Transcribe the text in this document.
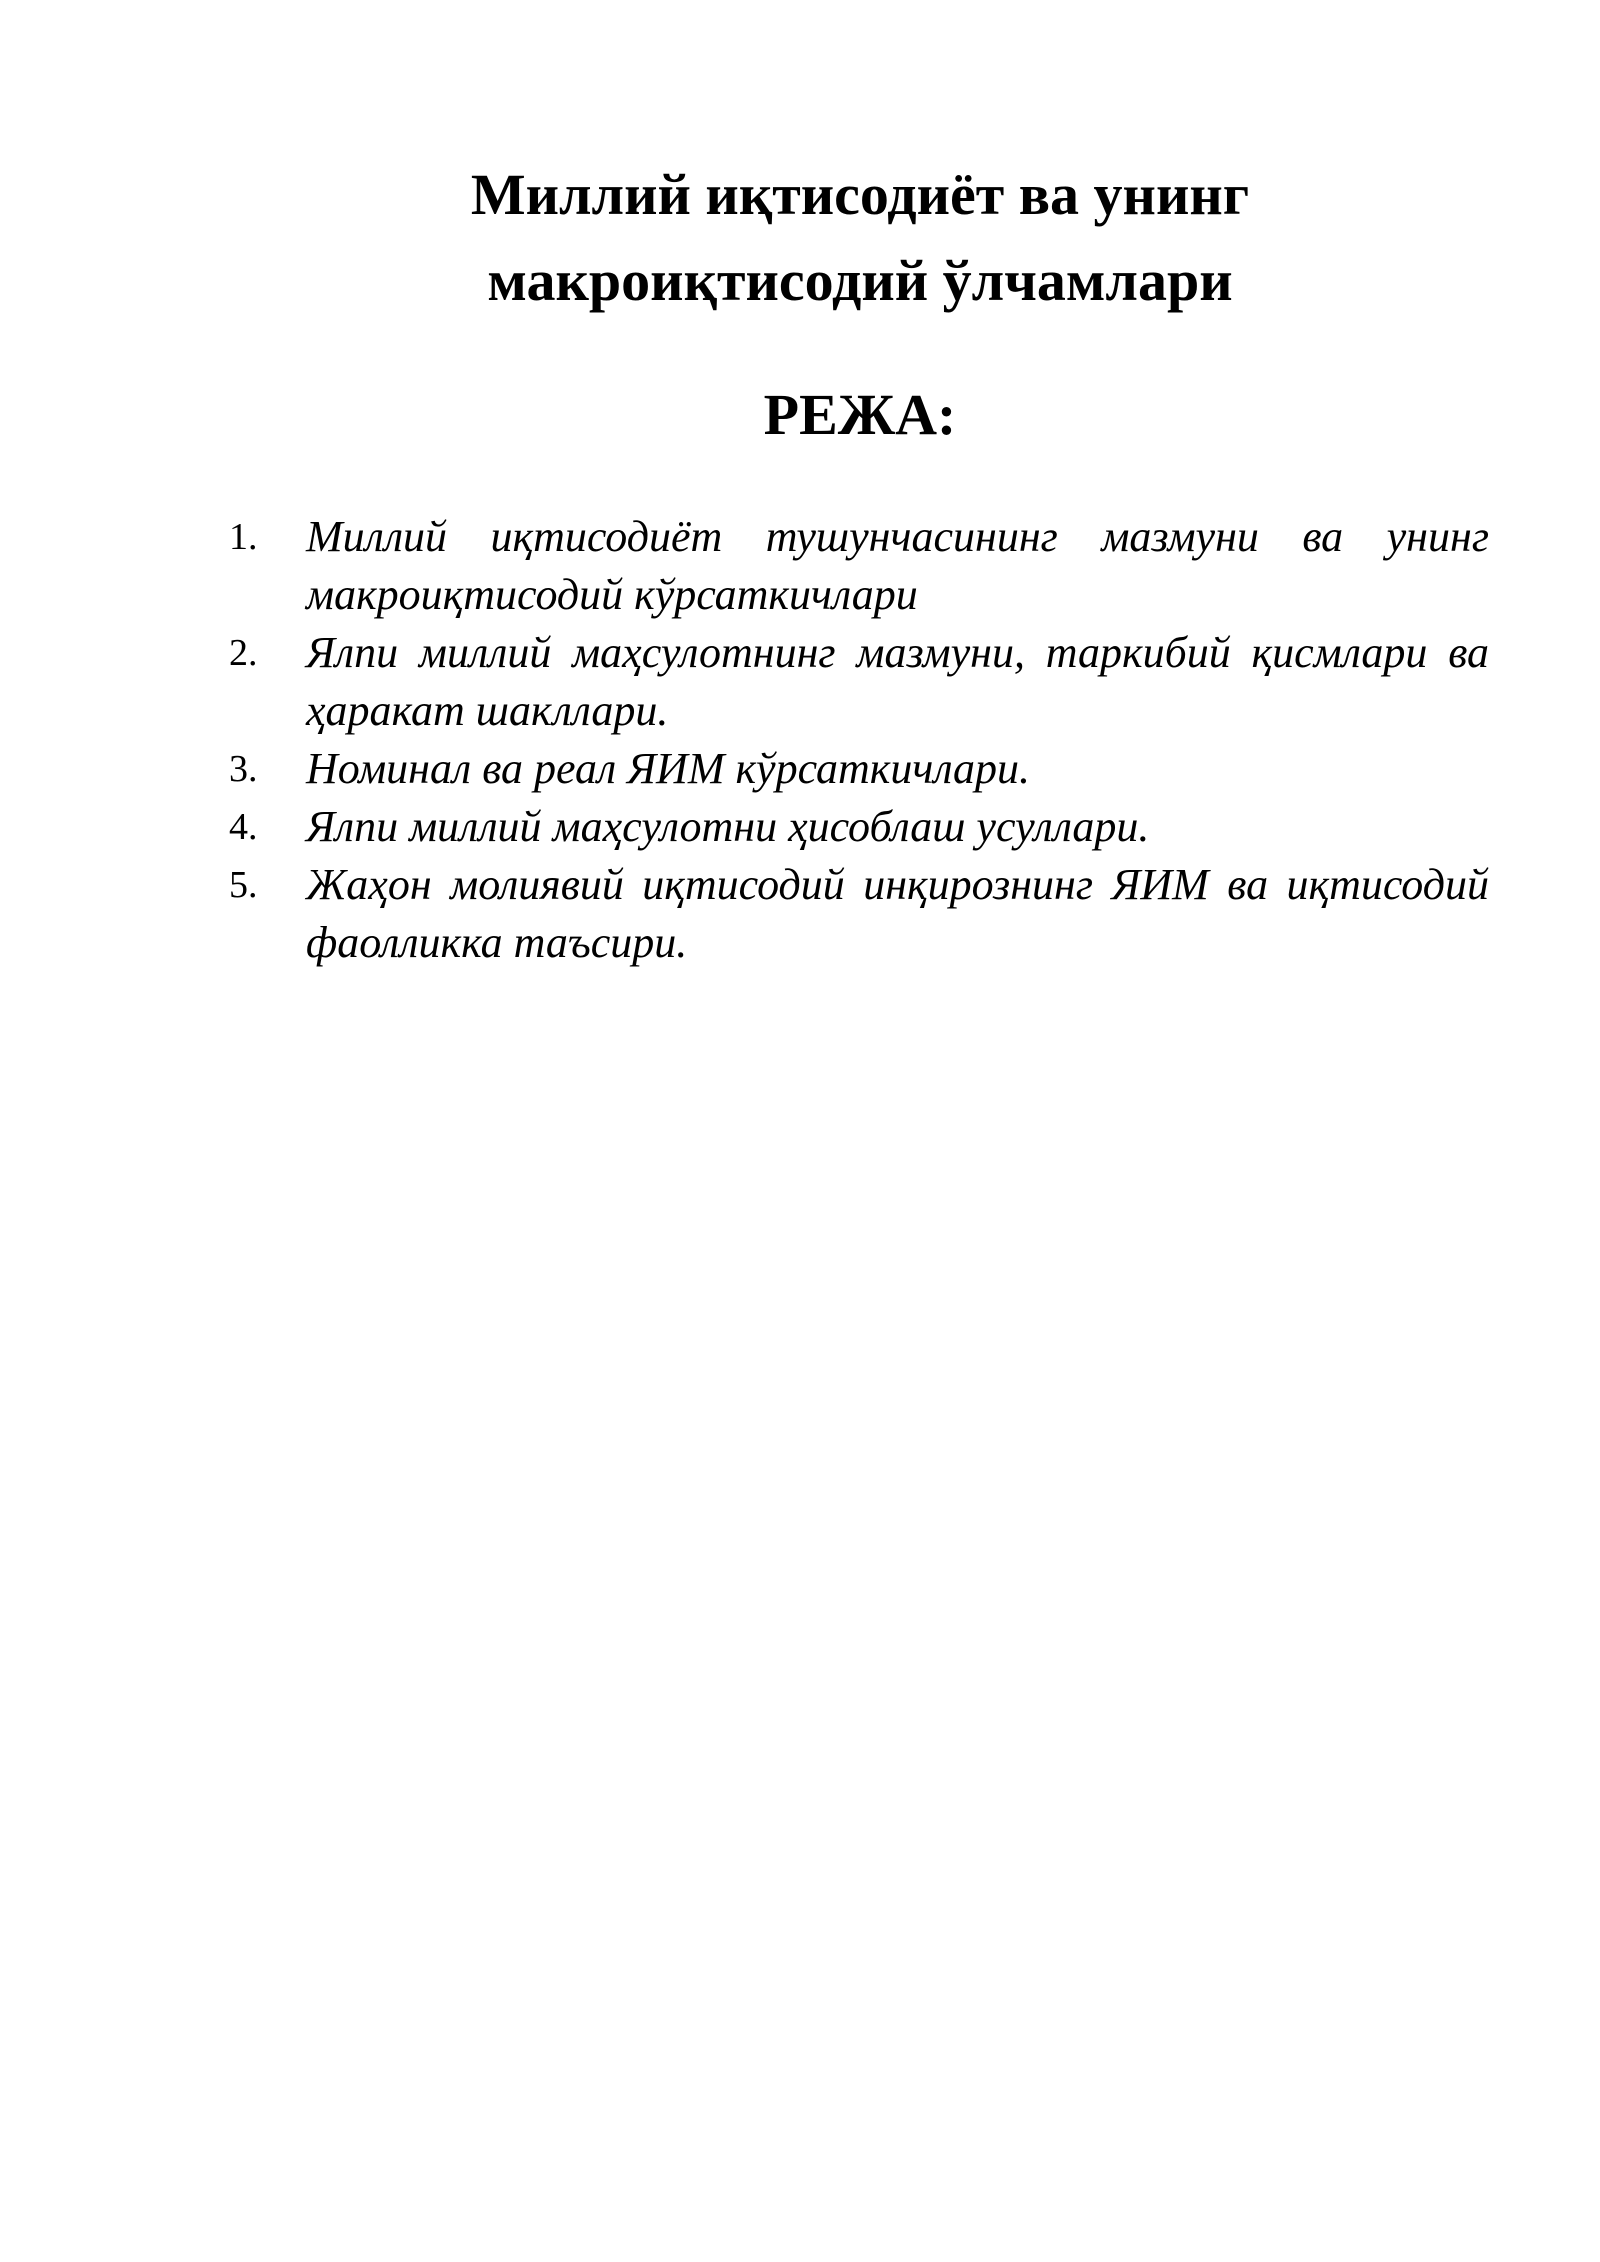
Миллий иқтисодиёт ва унинг
макроиқтисодий ўлчамлари
РЕЖА:
1. Миллий иқтисодиёт тушунчасининг мазмуни ва унинг макроиқтисодий кўрсаткичлари
2. Ялпи миллий маҳсулотнинг мазмуни, таркибий қисмлари ва ҳаракат шакллари.
3. Номинал ва реал ЯИМ кўрсаткичлари.
4. Ялпи миллий маҳсулотни ҳисоблаш усуллари.
5. Жаҳон молиявий иқтисодий инқирознинг ЯИМ ва иқтисодий фаолликка таъсири.
